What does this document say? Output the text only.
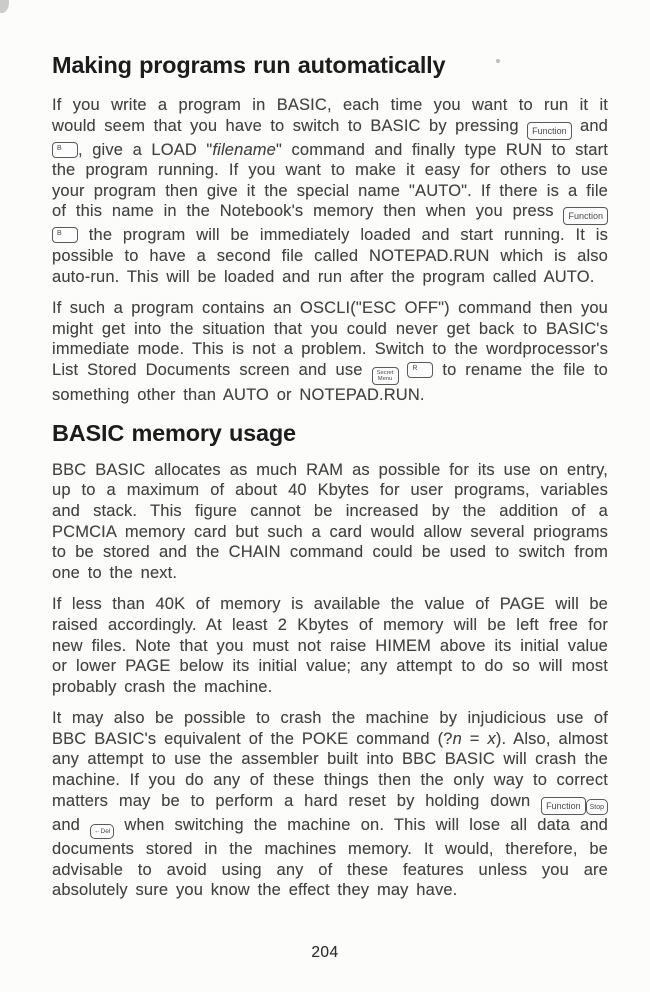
Making programs run automatically

If you write a program in BASIC, each time you want to run it it would seem that you have to switch to BASIC by pressing Function and
B , give a LOAD "filename" command and finally type RUN to start the program running. If you want to make it easy for others to use your program then give it the special name "AUTO". If there is a file of this name in the Notebook's memory then when you press Function
B the program will be immediately loaded and start running. It is possible to have a second file called NOTEPAD.RUN which is also auto-run. This will be loaded and run after the program called AUTO.

If such a program contains an OSCLI("ESC OFF") command then you might get into the situation that you could never get back to BASIC's immediate mode. This is not a problem. Switch to the wordprocessor's List Stored Documents screen and use Secret
Menu

R to rename the file to something other than AUTO or NOTEPAD.RUN.

BASIC memory usage

BBC BASIC allocates as much RAM as possible for its use on entry, up to a maximum of about 40 Kbytes for user programs, variables and stack. This figure cannot be increased by the addition of a PCMCIA memory card but such a card would allow several priograms to be stored and the CHAIN command could be used to switch from one to the next.

If less than 40K of memory is available the value of PAGE will be raised accordingly. At least 2 Kbytes of memory will be left free for new files. Note that you must not raise HIMEM above its initial value or lower PAGE below its initial value; any attempt to do so will most probably crash the machine.

It may also be possible to crash the machine by injudicious use of BBC BASIC's equivalent of the POKE command (?n = x). Also, almost any attempt to use the assembler built into BBC BASIC will crash the machine. If you do any of these things then the only way to correct matters may be to perform a hard reset by holding down Function Stop and ←Del when switching the machine on. This will lose all data and documents stored in the machines memory. It would, therefore, be advisable to avoid using any of these features unless you are absolutely sure you know the effect they may have.

204
